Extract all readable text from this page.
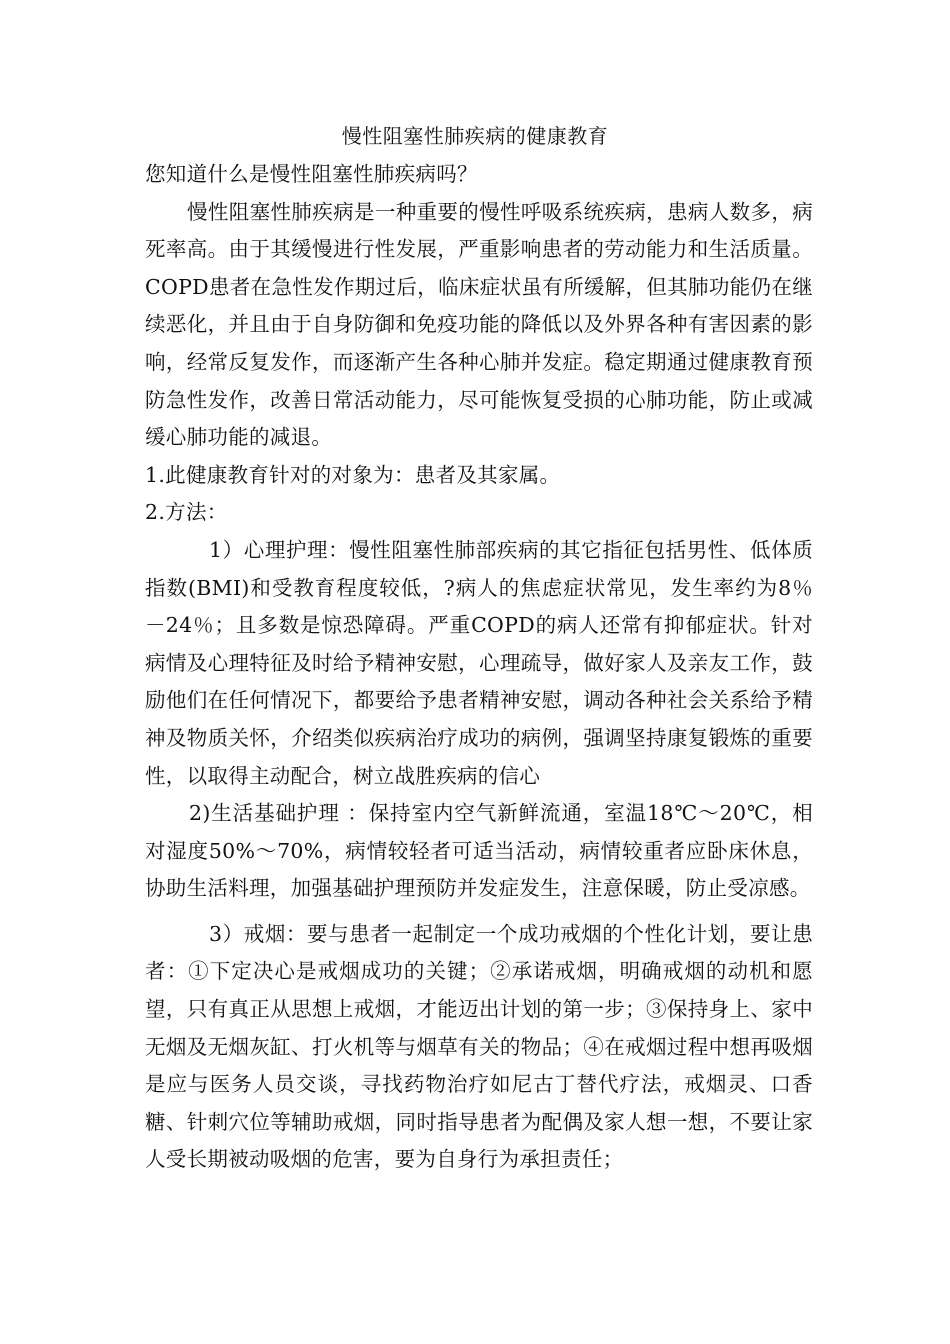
慢性阻塞性肺疾病的健康教育

您知道什么是慢性阻塞性肺疾病吗？

慢性阻塞性肺疾病是一种重要的慢性呼吸系统疾病，患病人数多，病死率高。由于其缓慢进行性发展，严重影响患者的劳动能力和生活质量。COPD患者在急性发作期过后，临床症状虽有所缓解，但其肺功能仍在继续恶化，并且由于自身防御和免疫功能的降低以及外界各种有害因素的影响，经常反复发作，而逐渐产生各种心肺并发症。稳定期通过健康教育预防急性发作，改善日常活动能力，尽可能恢复受损的心肺功能，防止或减缓心肺功能的减退。

1.此健康教育针对的对象为：患者及其家属。

2.方法：

1）心理护理：慢性阻塞性肺部疾病的其它指征包括男性、低体质指数(BMI)和受教育程度较低，?病人的焦虑症状常见，发生率约为8％－24％；且多数是惊恐障碍。严重COPD的病人还常有抑郁症状。针对病情及心理特征及时给予精神安慰，心理疏导，做好家人及亲友工作，鼓励他们在任何情况下，都要给予患者精神安慰，调动各种社会关系给予精神及物质关怀，介绍类似疾病治疗成功的病例，强调坚持康复锻炼的重要性，以取得主动配合，树立战胜疾病的信心

2)生活基础护理 ：保持室内空气新鲜流通，室温18℃～20℃，相对湿度50%～70%，病情较轻者可适当活动，病情较重者应卧床休息，协助生活料理，加强基础护理预防并发症发生，注意保暖，防止受凉感。

3）戒烟：要与患者一起制定一个成功戒烟的个性化计划，要让患者：①下定决心是戒烟成功的关键；②承诺戒烟，明确戒烟的动机和愿望，只有真正从思想上戒烟，才能迈出计划的第一步；③保持身上、家中无烟及无烟灰缸、打火机等与烟草有关的物品；④在戒烟过程中想再吸烟是应与医务人员交谈，寻找药物治疗如尼古丁替代疗法，戒烟灵、口香糖、针刺穴位等辅助戒烟，同时指导患者为配偶及家人想一想，不要让家人受长期被动吸烟的危害，要为自身行为承担责任；
